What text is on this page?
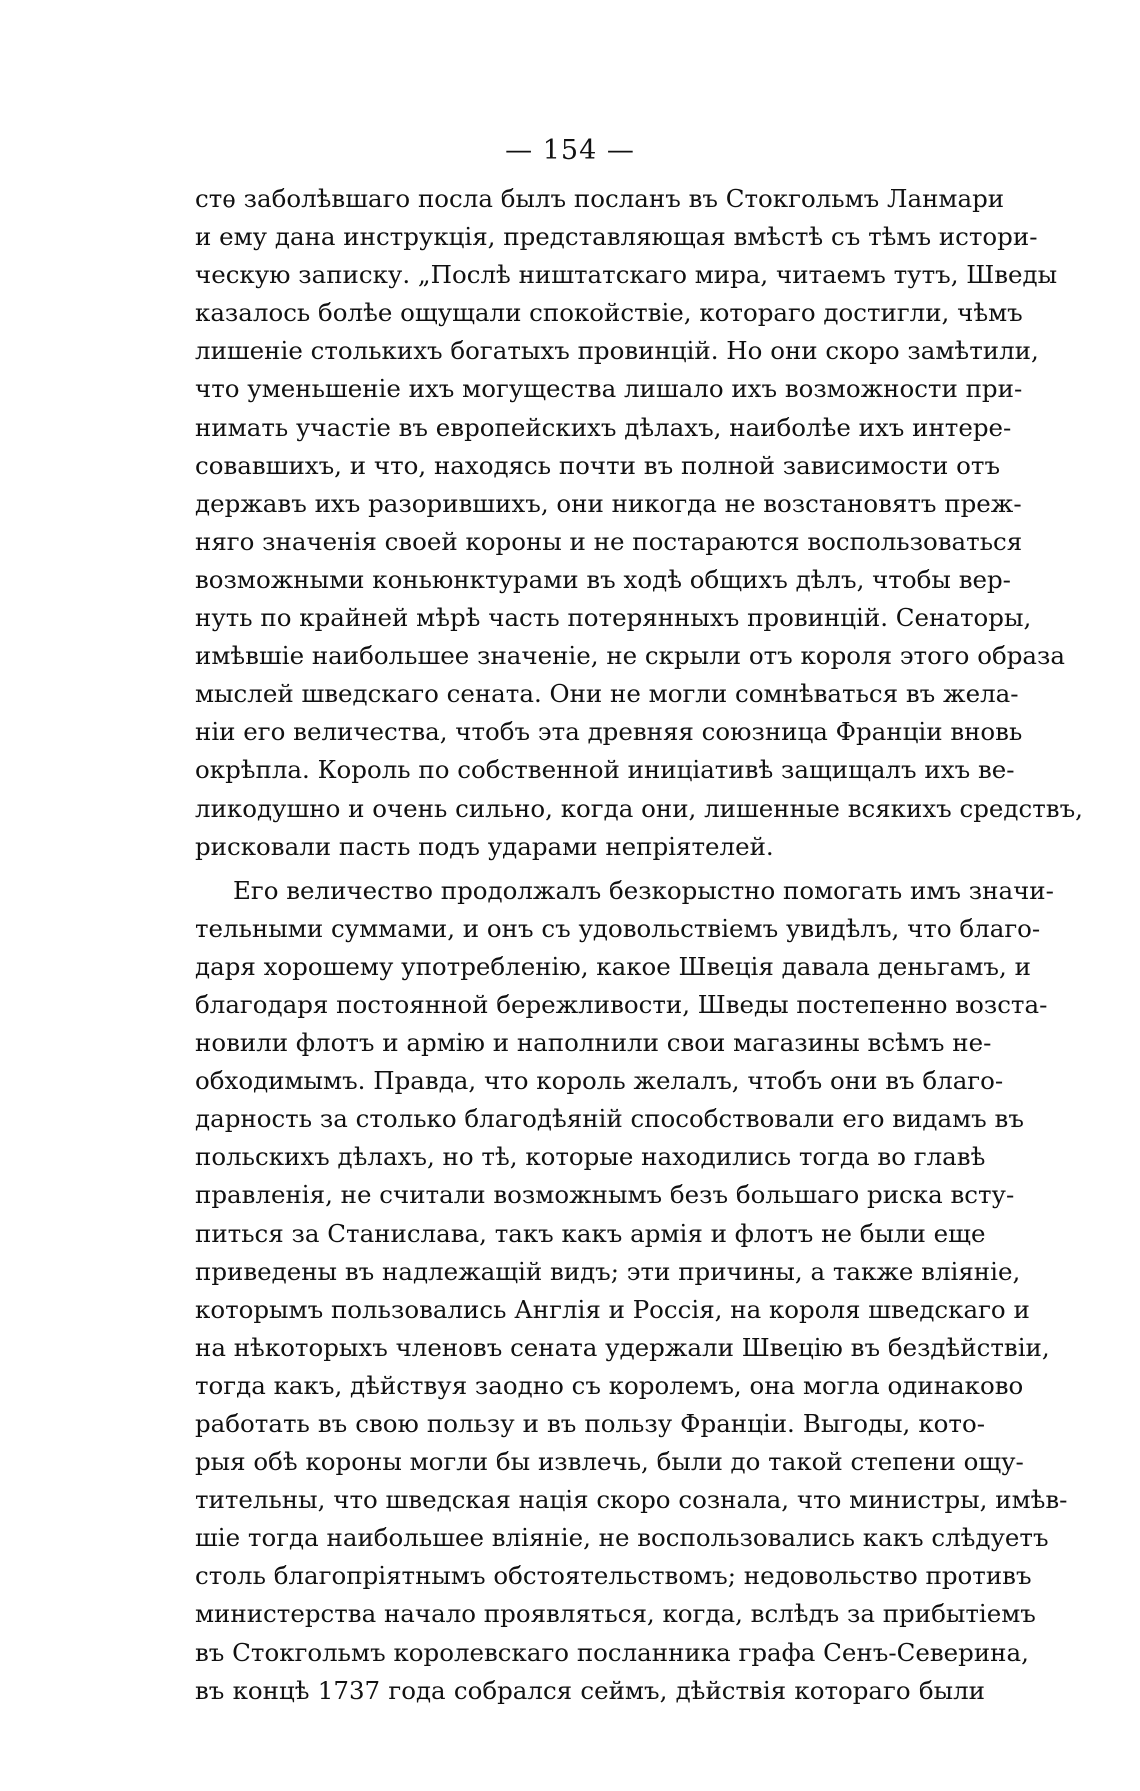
— 154 —
стѳ заболѣвшаго посла былъ посланъ въ Стокгольмъ Ланмари
и ему дана инструкція, представляющая вмѣстѣ съ тѣмъ истори-
ческую записку. „Послѣ ништатскаго мира, читаемъ тутъ, Шведы
казалось болѣе ощущали спокойствіе, котораго достигли, чѣмъ
лишеніе столькихъ богатыхъ провинцій. Но они скоро замѣтили,
что уменьшеніе ихъ могущества лишало ихъ возможности при-
нимать участіе въ европейскихъ дѣлахъ, наиболѣе ихъ интере-
совавшихъ, и что, находясь почти въ полной зависимости отъ
державъ ихъ разорившихъ, они никогда не возстановятъ преж-
няго значенія своей короны и не постараются воспользоваться
возможными коньюнктурами въ ходѣ общихъ дѣлъ, чтобы вер-
нуть по крайней мѣрѣ часть потерянныхъ провинцій. Сенаторы,
имѣвшіе наибольшее значеніе, не скрыли отъ короля этого образа
мыслей шведскаго сената. Они не могли сомнѣваться въ жела-
ніи его величества, чтобъ эта древняя союзница Франціи вновь
окрѣпла. Король по собственной иниціативѣ защищалъ ихъ ве-
ликодушно и очень сильно, когда они, лишенные всякихъ средствъ,
рисковали пасть подъ ударами непріятелей.
Его величество продолжалъ безкорыстно помогать имъ значи-
тельными суммами, и онъ съ удовольствіемъ увидѣлъ, что благо-
даря хорошему употребленію, какое Швеція давала деньгамъ, и
благодаря постоянной бережливости, Шведы постепенно возста-
новили флотъ и армію и наполнили свои магазины всѣмъ не-
обходимымъ. Правда, что король желалъ, чтобъ они въ благо-
дарность за столько благодѣяній способствовали его видамъ въ
польскихъ дѣлахъ, но тѣ, которые находились тогда во главѣ
правленія, не считали возможнымъ безъ большаго риска всту-
питься за Станислава, такъ какъ армія и флотъ не были еще
приведены въ надлежащій видъ; эти причины, а также вліяніе,
которымъ пользовались Англія и Россія, на короля шведскаго и
на нѣкоторыхъ членовъ сената удержали Швецію въ бездѣйствіи,
тогда какъ, дѣйствуя заодно съ королемъ, она могла одинаково
работать въ свою пользу и въ пользу Франціи. Выгоды, кото-
рыя обѣ короны могли бы извлечь, были до такой степени ощу-
тительны, что шведская нація скоро сознала, что министры, имѣв-
шіе тогда наибольшее вліяніе, не воспользовались какъ слѣдуетъ
столь благопріятнымъ обстоятельствомъ; недовольство противъ
министерства начало проявляться, когда, вслѣдъ за прибытіемъ
въ Стокгольмъ королевскаго посланника графа Сенъ-Северина,
въ концѣ 1737 года собрался сеймъ, дѣйствія котораго были
